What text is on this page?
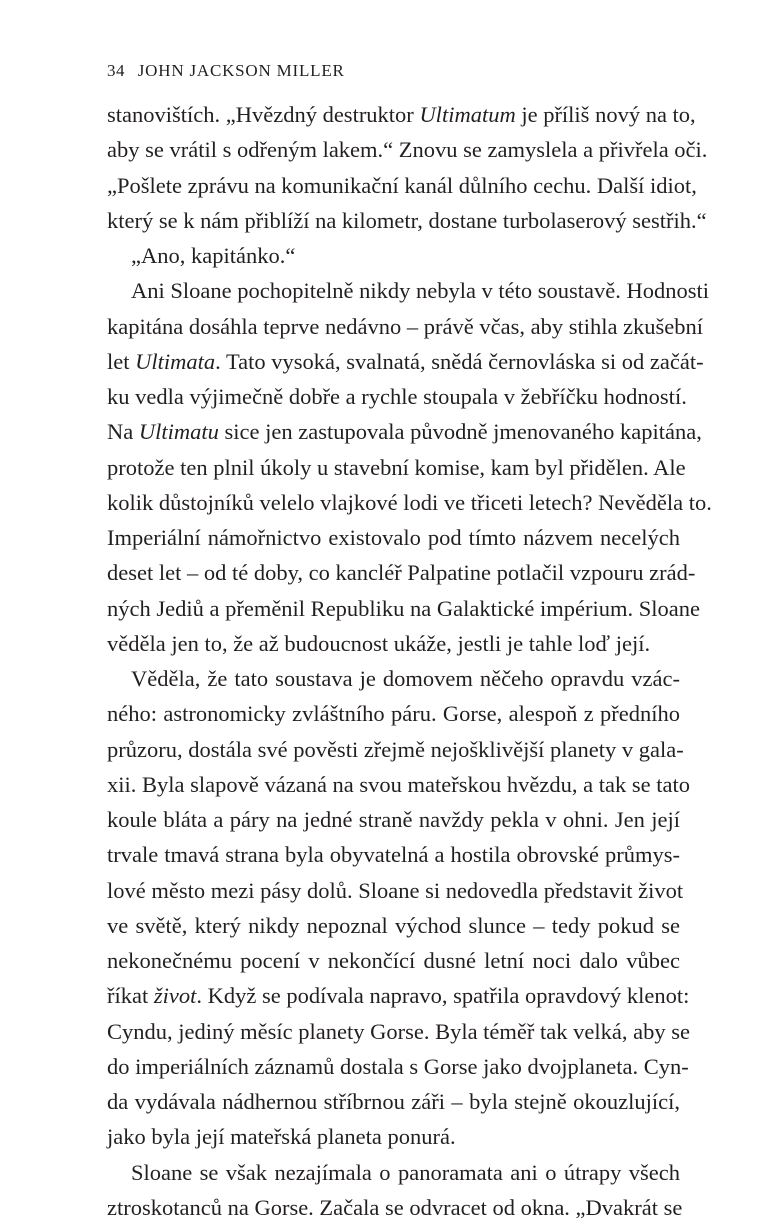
34 JOHN JACKSON MILLER
stanovištích. „Hvězdný destruktor Ultimatum je příliš nový na to,
aby se vrátil s odřeným lakem.“ Znovu se zamyslela a přivřela oči.
„Pošlete zprávu na komunikační kanál důlního cechu. Další idiot,
který se k nám přiblíží na kilometr, dostane turbolaserový sestřih.“
„Ano, kapitánko.“
Ani Sloane pochopitelně nikdy nebyla v této soustavě. Hodnosti
kapitána dosáhla teprve nedávno – právě včas, aby stihla zkušební
let Ultimata. Tato vysoká, svalnatá, snědá černovláska si od začát-
ku vedla výjimečně dobře a rychle stoupala v žebříčku hodností.
Na Ultimatu sice jen zastupovala původně jmenovaného kapitána,
protože ten plnil úkoly u stavební komise, kam byl přidělen. Ale
kolik důstojníků velelo vlajkové lodi ve třiceti letech? Nevěděla to.
Imperiální námořnictvo existovalo pod tímto názvem necelých
deset let – od té doby, co kancléř Palpatine potlačil vzpouru zrád-
ných Jediů a přeměnil Republiku na Galaktické impérium. Sloane
věděla jen to, že až budoucnost ukáže, jestli je tahle loď její.
Věděla, že tato soustava je domovem něčeho opravdu vzác-
ného: astronomicky zvláštního páru. Gorse, alespoň z předního
průzoru, dostála své pověsti zřejmě nejošklivější planety v gala-
xii. Byla slapově vázaná na svou mateřskou hvězdu, a tak se tato
koule bláta a páry na jedné straně navždy pekla v ohni. Jen její
trvale tmavá strana byla obyvatelná a hostila obrovské průmys-
lové město mezi pásy dolů. Sloane si nedovedla představit život
ve světě, který nikdy nepoznal východ slunce – tedy pokud se
nekonečnému pocení v nekončící dusné letní noci dalo vůbec
říkat život. Když se podívala napravo, spatřila opravdový klenot:
Cyndu, jediný měsíc planety Gorse. Byla téměř tak velká, aby se
do imperiálních záznamů dostala s Gorse jako dvojplaneta. Cyn-
da vydávala nádhernou stříbrnou záři – byla stejně okouzlující,
jako byla její mateřská planeta ponurá.
Sloane se však nezajímala o panoramata ani o útrapy všech
ztroskotanců na Gorse. Začala se odvracet od okna. „Dvakrát se
